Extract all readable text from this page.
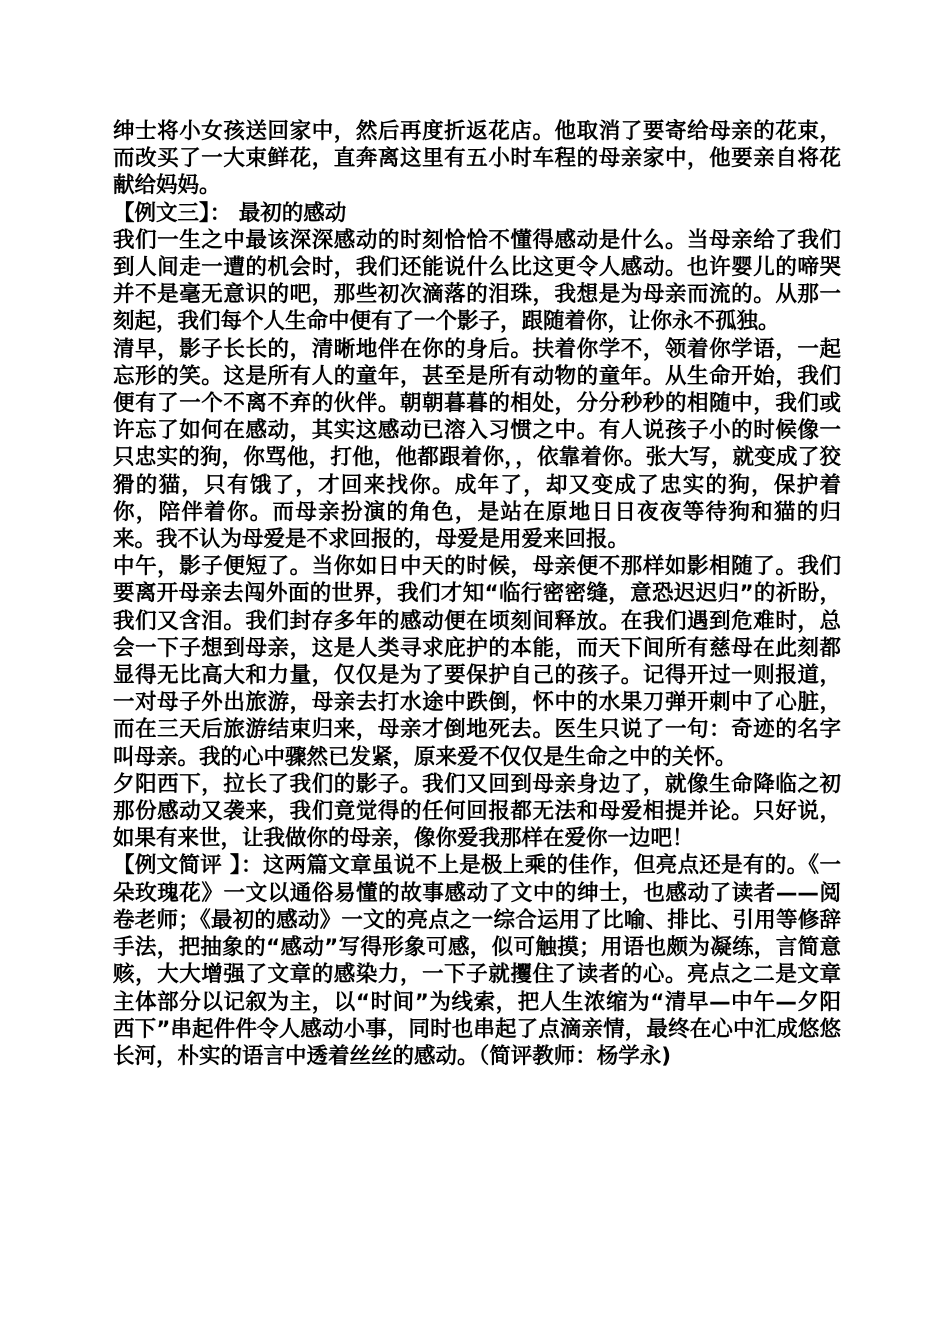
绅士将小女孩送回家中，然后再度折返花店。他取消了要寄给母亲的花束，而改买了一大束鲜花，直奔离这里有五小时车程的母亲家中，他要亲自将花献给妈妈。

【例文三】： 最初的感动

我们一生之中最该深深感动的时刻恰恰不懂得感动是什么。当母亲给了我们到人间走一遭的机会时，我们还能说什么比这更令人感动。也许婴儿的啼哭并不是毫无意识的吧，那些初次滴落的泪珠，我想是为母亲而流的。从那一刻起，我们每个人生命中便有了一个影子，跟随着你，让你永不孤独。

清早，影子长长的，清晰地伴在你的身后。扶着你学不，领着你学语，一起忘形的笑。这是所有人的童年，甚至是所有动物的童年。从生命开始，我们便有了一个不离不弃的伙伴。朝朝暮暮的相处，分分秒秒的相随中，我们或许忘了如何在感动，其实这感动已溶入习惯之中。有人说孩子小的时候像一只忠实的狗，你骂他，打他，他都跟着你，，依靠着你。张大写，就变成了狡猾的猫，只有饿了，才回来找你。成年了，却又变成了忠实的狗，保护着你，陪伴着你。而母亲扮演的角色，是站在原地日日夜夜等待狗和猫的归来。我不认为母爱是不求回报的，母爱是用爱来回报。

中午，影子便短了。当你如日中天的时候，母亲便不那样如影相随了。我们要离开母亲去闯外面的世界，我们才知“临行密密缝，意恐迟迟归”的祈盼，我们又含泪。我们封存多年的感动便在顷刻间释放。在我们遇到危难时，总会一下子想到母亲，这是人类寻求庇护的本能，而天下间所有慈母在此刻都显得无比高大和力量，仅仅是为了要保护自己的孩子。记得开过一则报道，一对母子外出旅游，母亲去打水途中跌倒，怀中的水果刀弹开刺中了心脏，而在三天后旅游结束归来，母亲才倒地死去。医生只说了一句：奇迹的名字叫母亲。我的心中骤然已发紧，原来爱不仅仅是生命之中的关怀。

夕阳西下，拉长了我们的影子。我们又回到母亲身边了，就像生命降临之初那份感动又袭来，我们竟觉得的任何回报都无法和母爱相提并论。只好说，如果有来世，让我做你的母亲，像你爱我那样在爱你一边吧！

【例文简评 】：这两篇文章虽说不上是极上乘的佳作，但亮点还是有的。《一朵玫瑰花》一文以通俗易懂的故事感动了文中的绅士，也感动了读者——阅卷老师；《最初的感动》一文的亮点之一综合运用了比喻、排比、引用等修辞手法，把抽象的“感动”写得形象可感，似可触摸；用语也颇为凝练，言简意赅，大大增强了文章的感染力，一下子就攫住了读者的心。亮点之二是文章主体部分以记叙为主，以“时间”为线索，把人生浓缩为“清早—中午—夕阳西下”串起件件令人感动小事，同时也串起了点滴亲情，最终在心中汇成悠悠长河，朴实的语言中透着丝丝的感动。（简评教师：杨学永)
